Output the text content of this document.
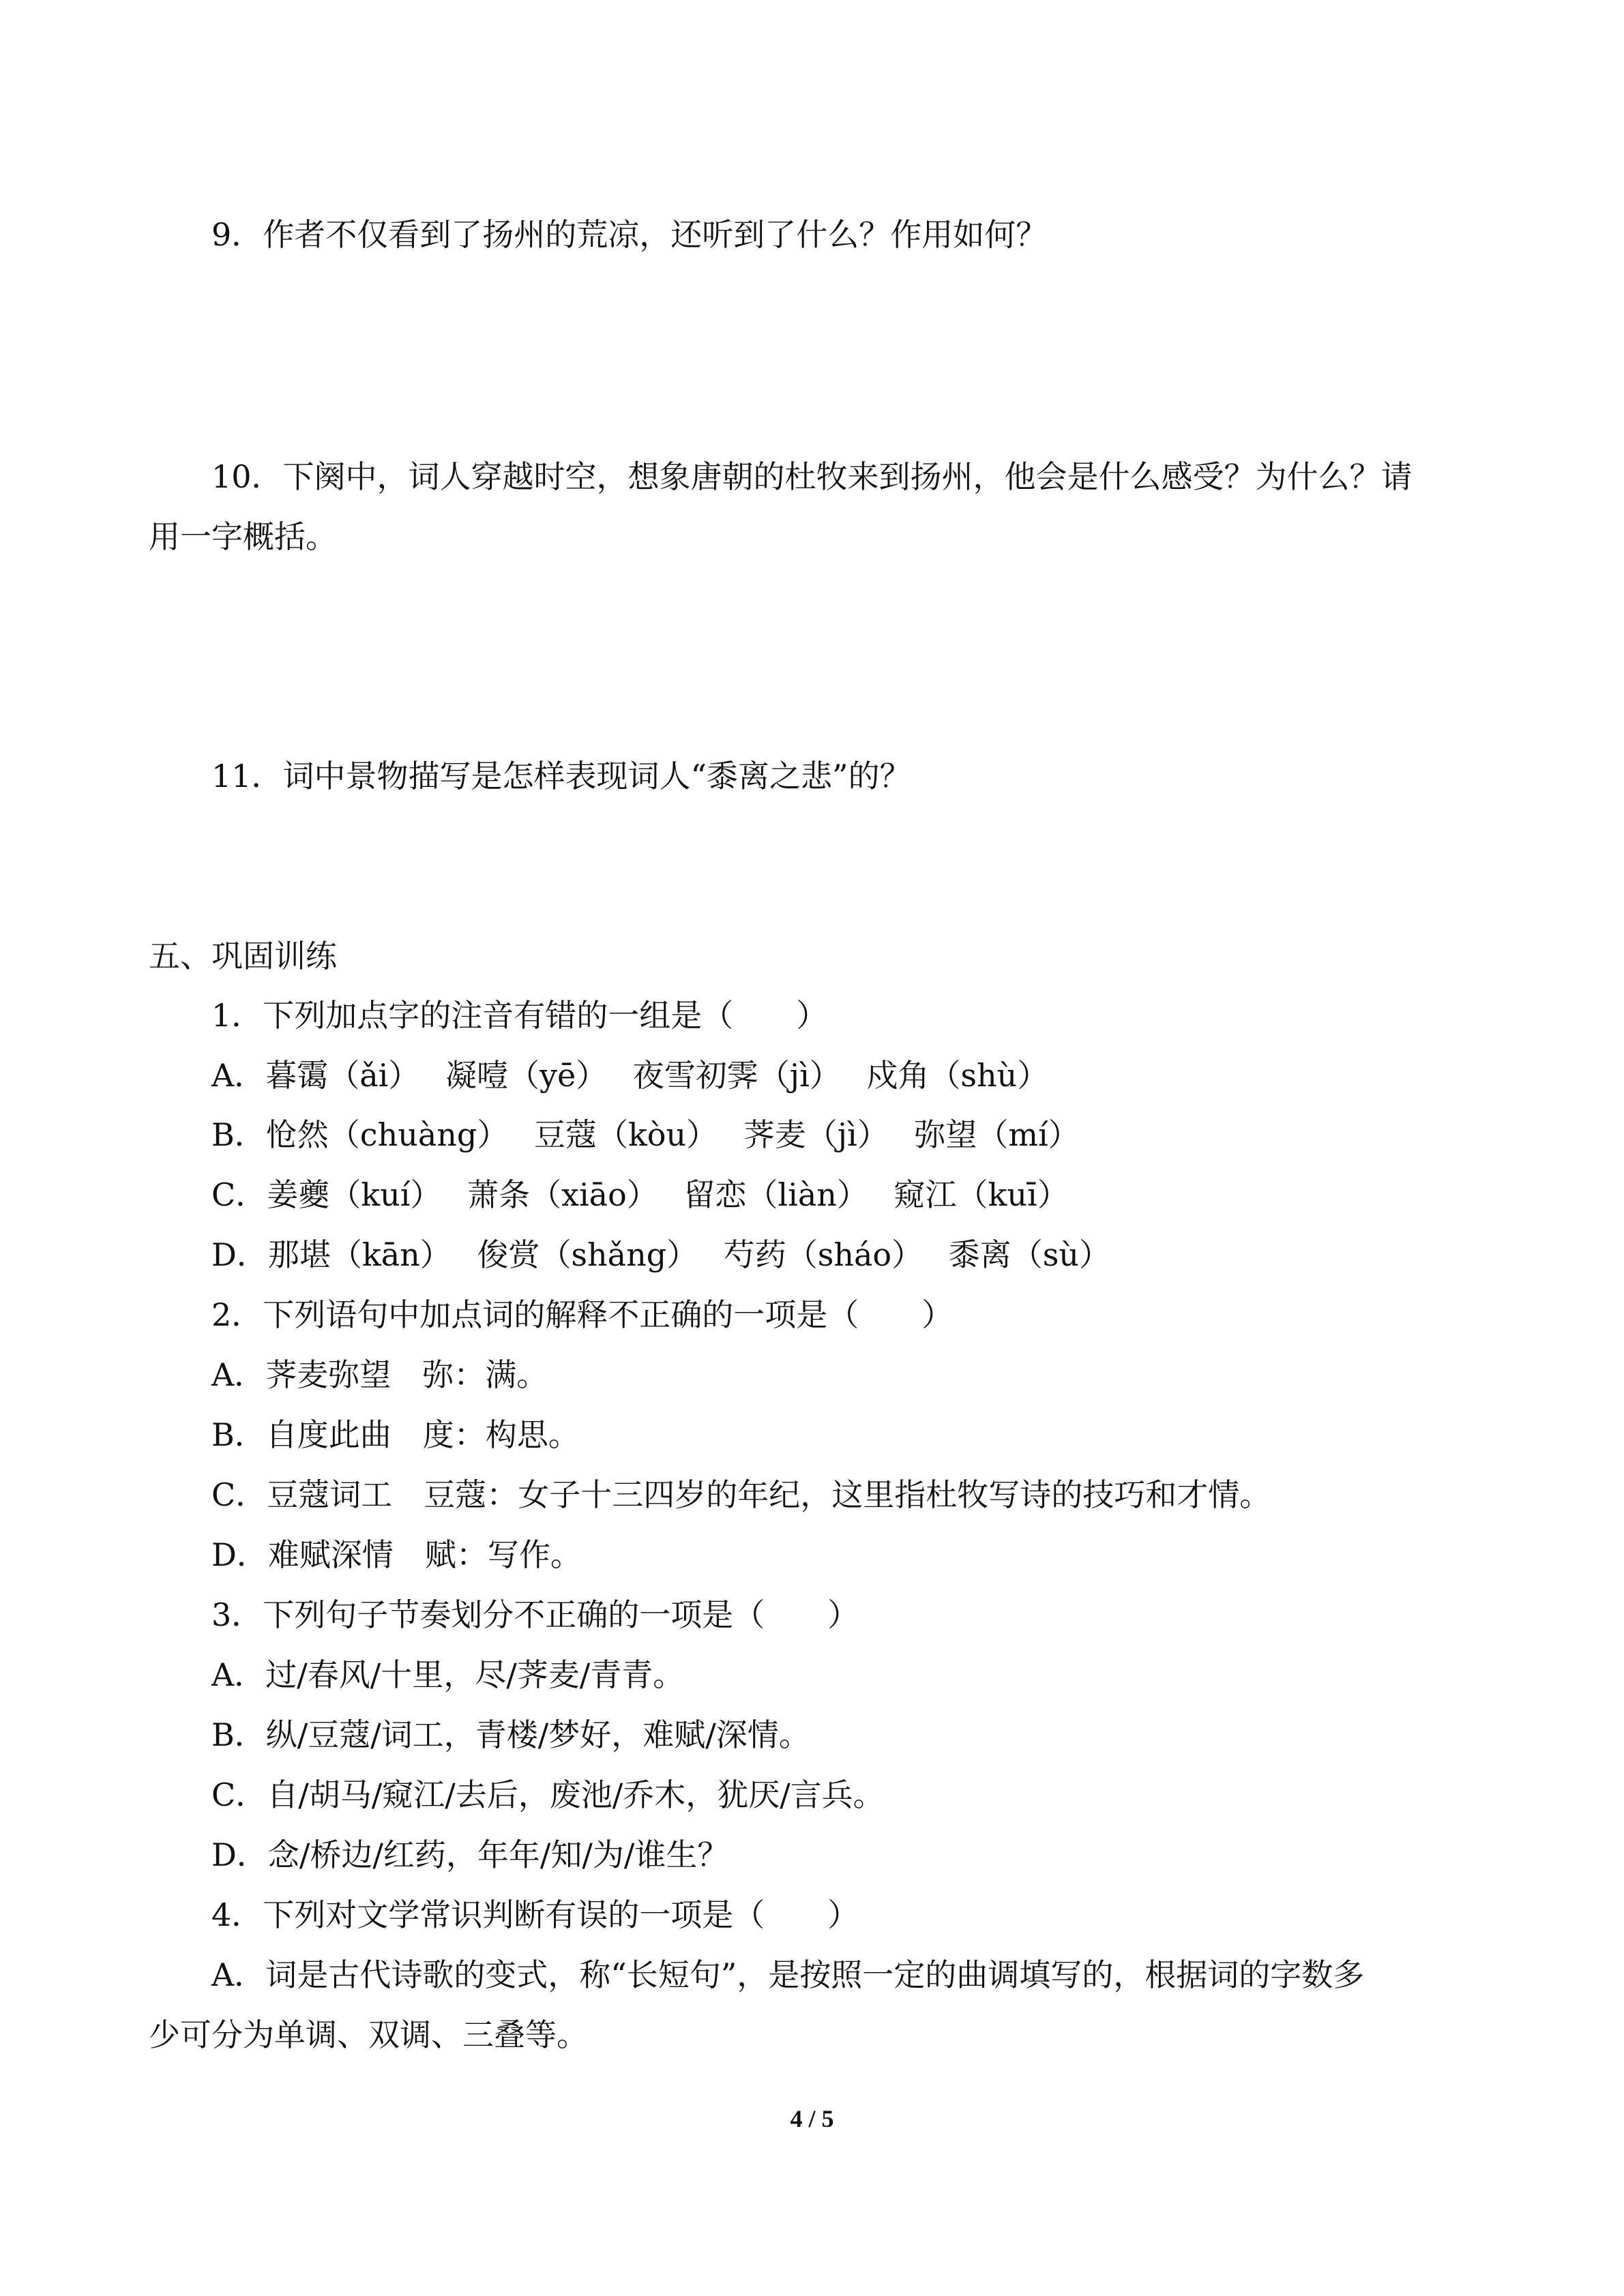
9．作者不仅看到了扬州的荒凉，还听到了什么？作用如何？
10．下阕中，词人穿越时空，想象唐朝的杜牧来到扬州，他会是什么感受？为什么？请
用一字概括。
11．词中景物描写是怎样表现词人“黍离之悲”的？
五、巩固训练
1．下列加点字的注音有错的一组是（　　）
A．暮霭（ǎi）　 凝噎（yē）　 夜雪初霁（jì）　 戍角（shù）
B．怆然（chuàng）　 豆蔻（kòu）　 荠麦（jì）　 弥望（mí）
C．姜夔（kuí）　 萧条（xiāo）　 留恋（liàn）　 窥江（kuī）
D．那堪（kān）　 俊赏（shǎng）　 芍药（sháo）　 黍离（sù）
2．下列语句中加点词的解释不正确的一项是（　　）
A．荠麦弥望　弥：满。
B．自度此曲　度：构思。
C．豆蔻词工　豆蔻：女子十三四岁的年纪，这里指杜牧写诗的技巧和才情。
D．难赋深情　赋：写作。
3．下列句子节奏划分不正确的一项是（　　）
A．过/春风/十里，尽/荠麦/青青。
B．纵/豆蔻/词工，青楼/梦好，难赋/深情。
C．自/胡马/窥江/去后，废池/乔木，犹厌/言兵。
D．念/桥边/红药，年年/知/为/谁生？
4．下列对文学常识判断有误的一项是（　　）
A．词是古代诗歌的变式，称“长短句”，是按照一定的曲调填写的，根据词的字数多
少可分为单调、双调、三叠等。
4 / 5
